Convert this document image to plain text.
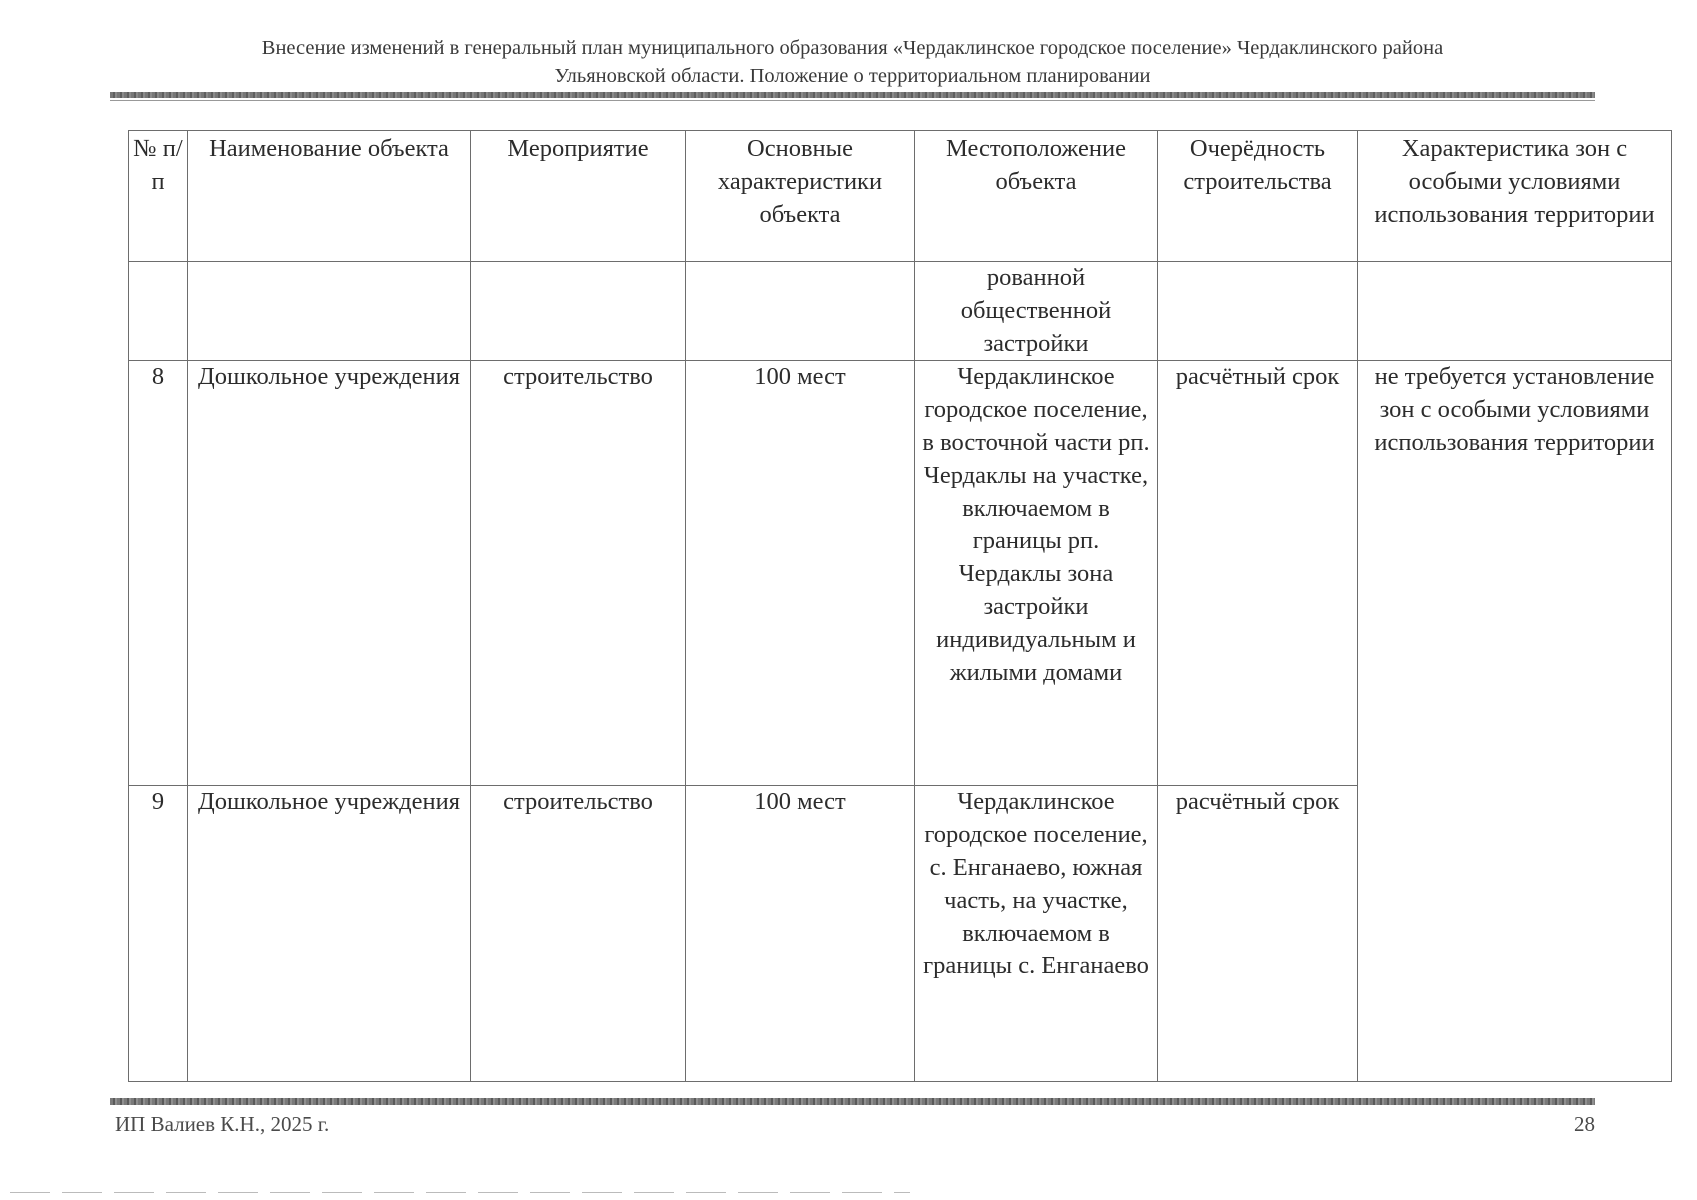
Внесение изменений в генеральный план муниципального образования «Чердаклинское городское поселение» Чердаклинского района
Ульяновской области. Положение о территориальном планировании
№ п/ п	Наименование объекта	Мероприятие	Основные характеристики объекта	Местоположение объекта	Очерёдность строительства	Характеристика зон с особыми условиями использования территории
				рованной общественной застройки		
8	Дошкольное учреждения	строительство	100 мест	Чердаклинское городское поселение, в восточной части рп. Чердаклы на участке, включаемом в границы рп. Чердаклы зона застройки индивидуальным и жилыми домами	расчётный срок	не требуется установление зон с особыми условиями использования территории
9	Дошкольное учреждения	строительство	100 мест	Чердаклинское городское поселение, с. Енганаево, южная часть, на участке, включаемом в границы с. Енганаево	расчётный срок	
ИП Валиев К.Н., 2025 г.	28
